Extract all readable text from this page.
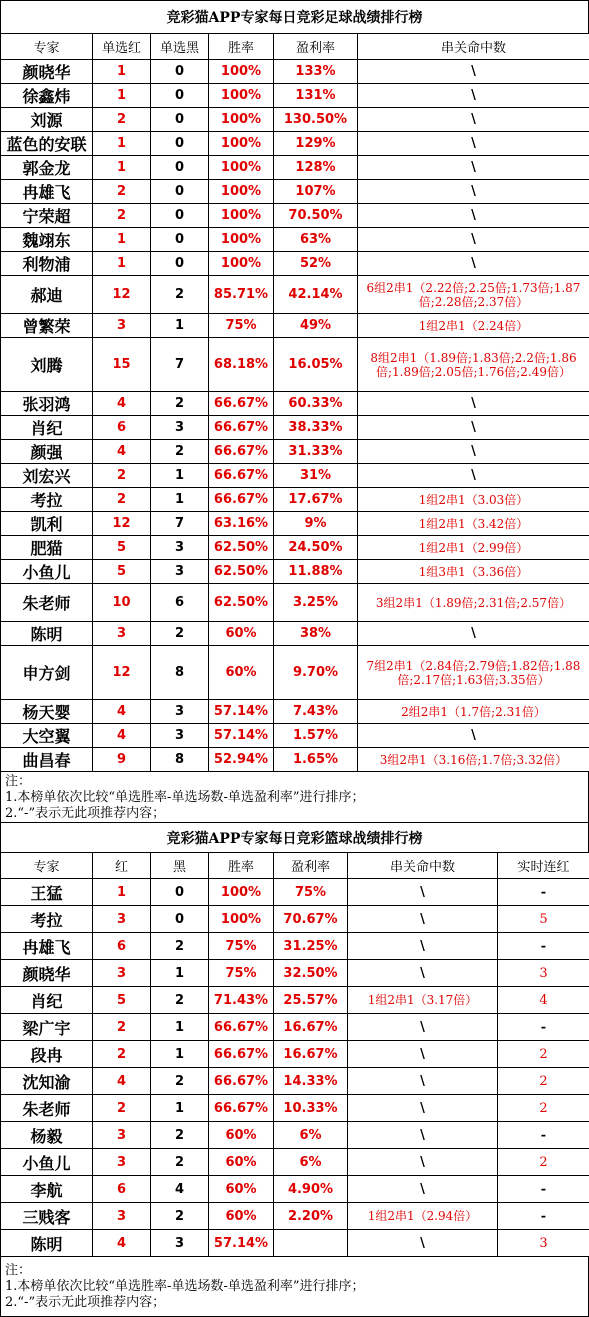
竞彩猫APP专家每日竞彩足球战绩排行榜
专家	单选红	单选黑	胜率	盈利率	串关命中数
颜晓华	1	0	100%	133%	\
徐鑫炜	1	0	100%	131%	\
刘源	2	0	100%	130.50%	\
蓝色的安联	1	0	100%	129%	\
郭金龙	1	0	100%	128%	\
冉雄飞	2	0	100%	107%	\
宁荣超	2	0	100%	70.50%	\
魏翊东	1	0	100%	63%	\
利物浦	1	0	100%	52%	\
郝迪	12	2	85.71%	42.14%	6组2串1（2.22倍;2.25倍;1.73倍;1.87倍;2.28倍;2.37倍）
曾繁荣	3	1	75%	49%	1组2串1（2.24倍）
刘腾	15	7	68.18%	16.05%	8组2串1（1.89倍;1.83倍;2.2倍;1.86倍;1.89倍;2.05倍;1.76倍;2.49倍）
张羽鸿	4	2	66.67%	60.33%	\
肖纪	6	3	66.67%	38.33%	\
颜强	4	2	66.67%	31.33%	\
刘宏兴	2	1	66.67%	31%	\
考拉	2	1	66.67%	17.67%	1组2串1（3.03倍）
凯利	12	7	63.16%	9%	1组2串1（3.42倍）
肥猫	5	3	62.50%	24.50%	1组2串1（2.99倍）
小鱼儿	5	3	62.50%	11.88%	1组3串1（3.36倍）
朱老师	10	6	62.50%	3.25%	3组2串1（1.89倍;2.31倍;2.57倍）
陈明	3	2	60%	38%	\
申方剑	12	8	60%	9.70%	7组2串1（2.84倍;2.79倍;1.82倍;1.88倍;2.17倍;1.63倍;3.35倍）
杨天婴	4	3	57.14%	7.43%	2组2串1（1.7倍;2.31倍）
大空翼	4	3	57.14%	1.57%	\
曲昌春	9	8	52.94%	1.65%	3组2串1（3.16倍;1.7倍;3.32倍）
注：
1.本榜单依次比较“单选胜率-单选场数-单选盈利率”进行排序；
2.“-”表示无此项推荐内容；
竞彩猫APP专家每日竞彩篮球战绩排行榜
专家	红	黑	胜率	盈利率	串关命中数	实时连红
王猛	1	0	100%	75%	\	-
考拉	3	0	100%	70.67%	\	5
冉雄飞	6	2	75%	31.25%	\	-
颜晓华	3	1	75%	32.50%	\	3
肖纪	5	2	71.43%	25.57%	1组2串1（3.17倍）	4
梁广宇	2	1	66.67%	16.67%	\	-
段冉	2	1	66.67%	16.67%	\	2
沈知渝	4	2	66.67%	14.33%	\	2
朱老师	2	1	66.67%	10.33%	\	2
杨毅	3	2	60%	6%	\	-
小鱼儿	3	2	60%	6%	\	2
李航	6	4	60%	4.90%	\	-
三贱客	3	2	60%	2.20%	1组2串1（2.94倍）	-
陈明	4	3	57.14%		\	3
注：
1.本榜单依次比较“单选胜率-单选场数-单选盈利率”进行排序；
2.“-”表示无此项推荐内容；
